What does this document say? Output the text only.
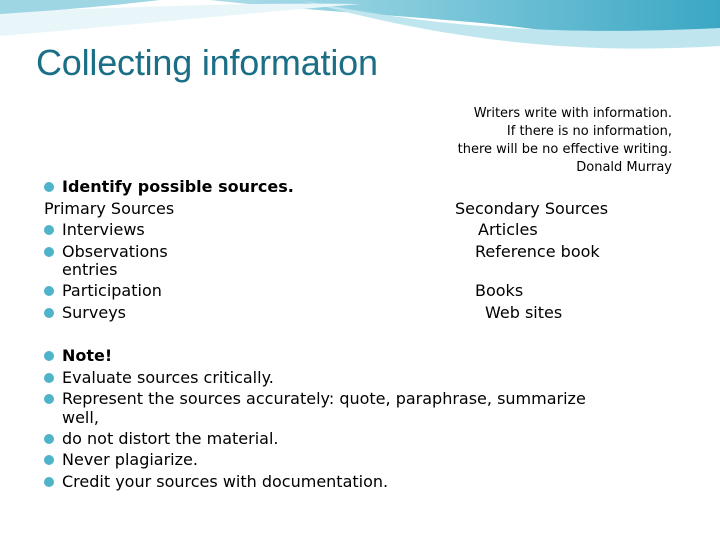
Collecting information
Writers write with information.
If there is no information,
there will be no effective writing.
Donald Murray
Identify possible sources.
Primary Sources	Secondary Sources
Interviews	Articles
Observations	Reference book
entries
Participation	Books
Surveys	Web sites
Note!
Evaluate sources critically.
Represent the sources accurately: quote, paraphrase, summarize
well,
do not distort the material.
Never plagiarize.
Credit your sources with documentation.
